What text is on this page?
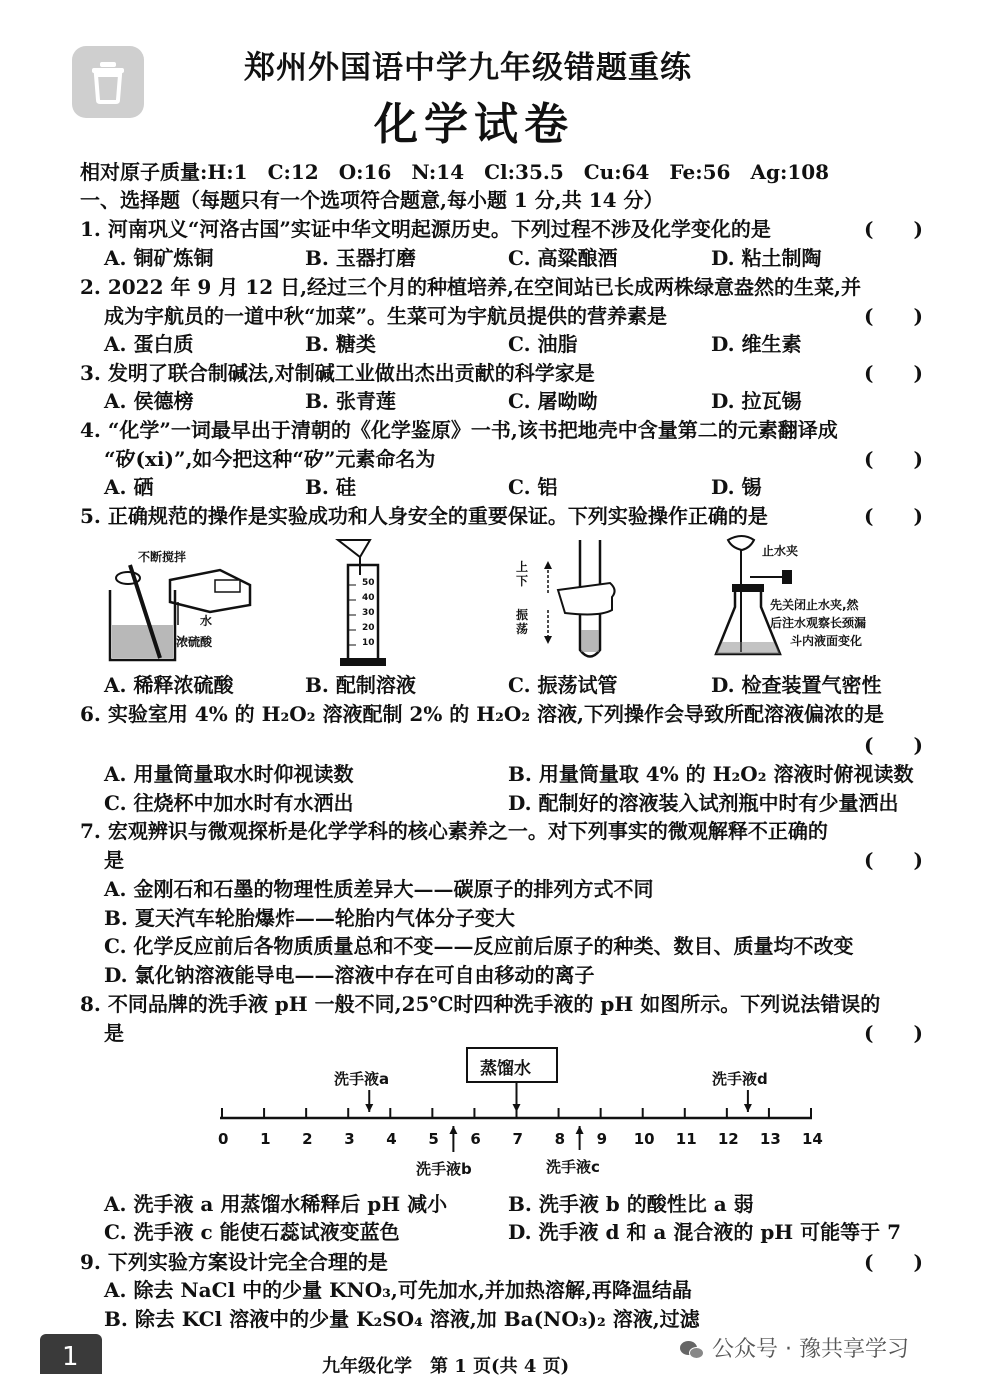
郑州外国语中学九年级错题重练
化学试卷
相对原子质量:H:1　C:12　O:16　N:14　Cl:35.5　Cu:64　Fe:56　Ag:108
一、选择题（每题只有一个选项符合题意,每小题 1 分,共 14 分）
1. 河南巩义“河洛古国”实证中华文明起源历史。下列过程不涉及化学变化的是	(　　)
A. 铜矿炼铜	B. 玉器打磨	C. 高粱酿酒	D. 粘土制陶
2. 2022 年 9 月 12 日,经过三个月的种植培养,在空间站已长成两株绿意盎然的生菜,并
成为宇航员的一道中秋“加菜”。生菜可为宇航员提供的营养素是	(　　)
A. 蛋白质	B. 糖类	C. 油脂	D. 维生素
3. 发明了联合制碱法,对制碱工业做出杰出贡献的科学家是	(　　)
A. 侯德榜	B. 张青莲	C. 屠呦呦	D. 拉瓦锡
4. “化学”一词最早出于清朝的《化学鉴原》一书,该书把地壳中含量第二的元素翻译成
“矽(xi)”,如今把这种“矽”元素命名为	(　　)
A. 硒	B. 硅	C. 铝	D. 锡
5. 正确规范的操作是实验成功和人身安全的重要保证。下列实验操作正确的是	(　　)
不断搅拌
水
浓硫酸
50
40
30
20
10
上下
振荡
止水夹
先关闭止水夹,然
后注水观察长颈漏
斗内液面变化
A. 稀释浓硫酸	B. 配制溶液	C. 振荡试管	D. 检查装置气密性
6. 实验室用 4% 的 H₂O₂ 溶液配制 2% 的 H₂O₂ 溶液,下列操作会导致所配溶液偏浓的是
(　　)
A. 用量筒量取水时仰视读数	B. 用量筒量取 4% 的 H₂O₂ 溶液时俯视读数
C. 往烧杯中加水时有水洒出	D. 配制好的溶液装入试剂瓶中时有少量洒出
7. 宏观辨识与微观探析是化学学科的核心素养之一。对下列事实的微观解释不正确的
是	(　　)
A. 金刚石和石墨的物理性质差异大——碳原子的排列方式不同
B. 夏天汽车轮胎爆炸——轮胎内气体分子变大
C. 化学反应前后各物质质量总和不变——反应前后原子的种类、数目、质量均不改变
D. 氯化钠溶液能导电——溶液中存在可自由移动的离子
8. 不同品牌的洗手液 pH 一般不同,25℃时四种洗手液的 pH 如图所示。下列说法错误的
是	(　　)
0 1 2 3 4 5 6 7 8 9 10 11 12 13 14
蒸馏水
洗手液a	洗手液d
洗手液b	洗手液c
A. 洗手液 a 用蒸馏水稀释后 pH 减小	B. 洗手液 b 的酸性比 a 弱
C. 洗手液 c 能使石蕊试液变蓝色	D. 洗手液 d 和 a 混合液的 pH 可能等于 7
9. 下列实验方案设计完全合理的是	(　　)
A. 除去 NaCl 中的少量 KNO₃,可先加水,并加热溶解,再降温结晶
B. 除去 KCl 溶液中的少量 K₂SO₄ 溶液,加 Ba(NO₃)₂ 溶液,过滤
1	九年级化学　第 1 页(共 4 页)
公众号 · 豫共享学习
